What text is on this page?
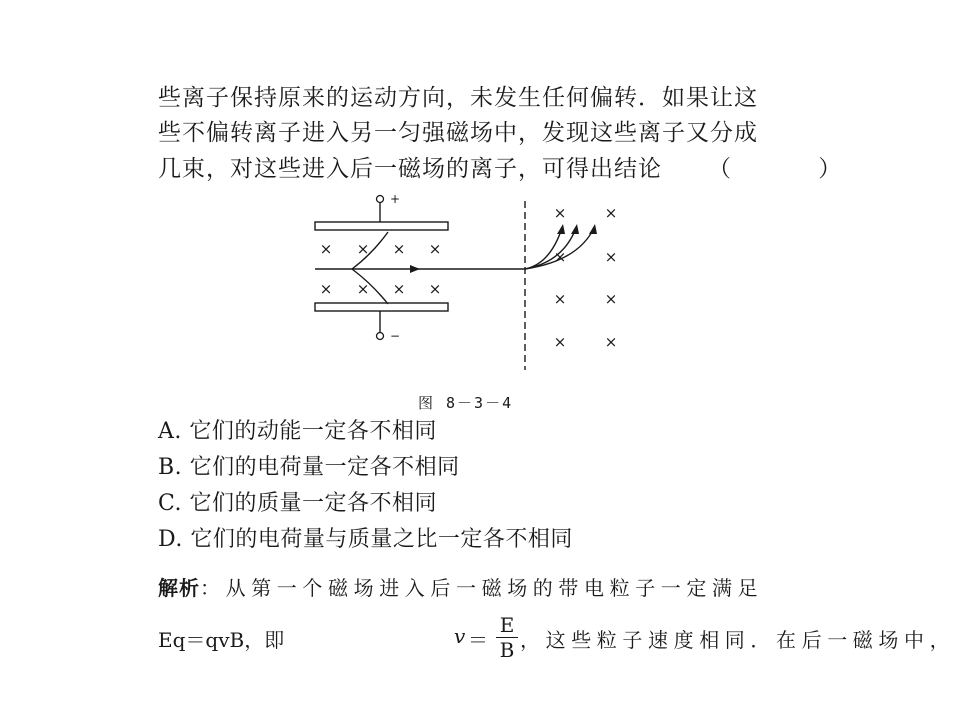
些离子保持原来的运动方向，未发生任何偏转．如果让这
些不偏转离子进入另一匀强磁场中，发现这些离子又分成
几束，对这些进入后一磁场的离子，可得出结论 （ ）
+
−
× × × ×
× × × ×
×	×
×	×
×	×
×	×
图 8－3－4
A. 它们的动能一定各不相同
B. 它们的电荷量一定各不相同
C. 它们的质量一定各不相同
D. 它们的电荷量与质量之比一定各不相同
解析：从第一个磁场进入后一磁场的带电粒子一定满足
Eq＝qvB，即	v ＝
E
B ，这些粒子速度相同．在后一磁场中，
